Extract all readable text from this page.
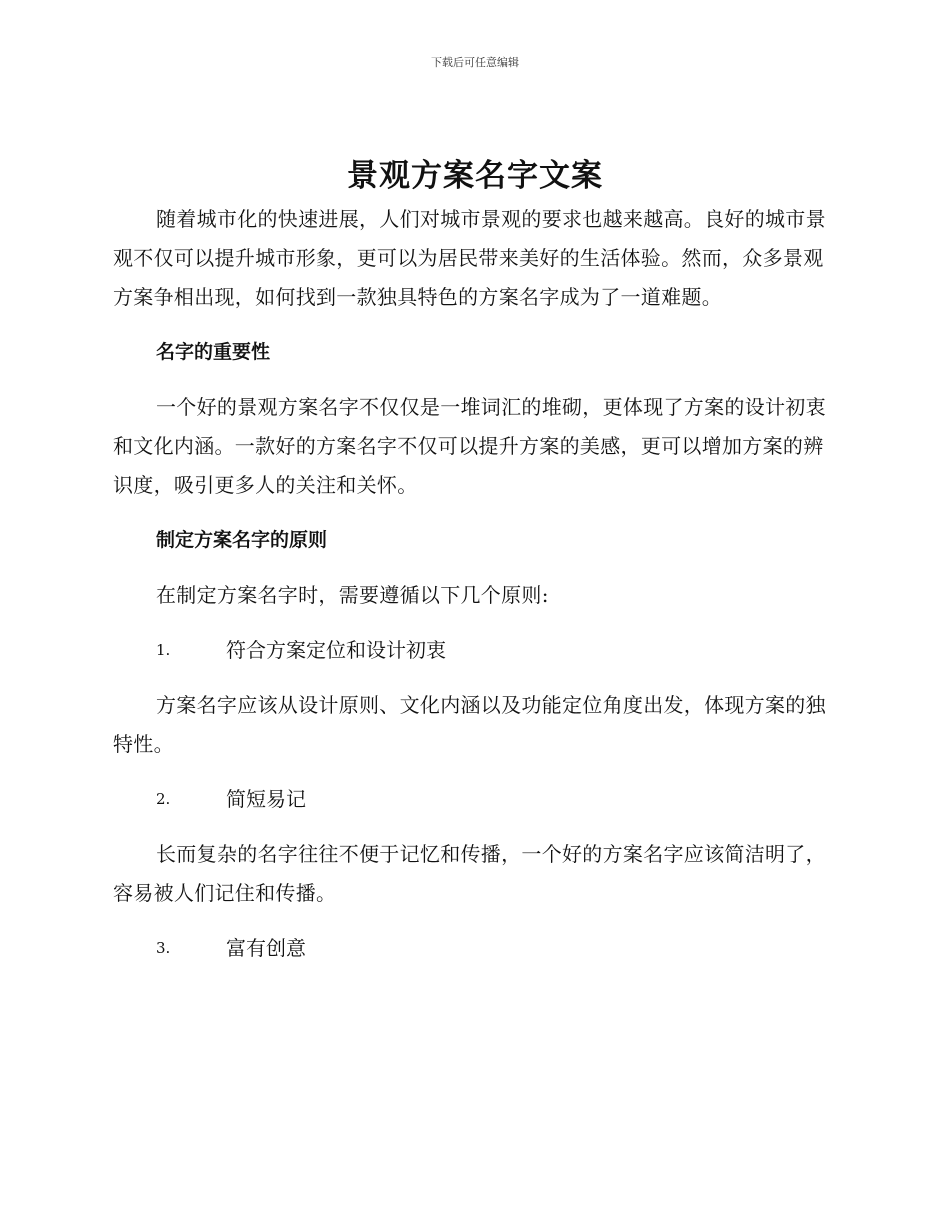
下载后可任意编辑
景观方案名字文案

随着城市化的快速进展，人们对城市景观的要求也越来越高。良好的城市景观不仅可以提升城市形象，更可以为居民带来美好的生活体验。然而，众多景观方案争相出现，如何找到一款独具特色的方案名字成为了一道难题。

名字的重要性

一个好的景观方案名字不仅仅是一堆词汇的堆砌，更体现了方案的设计初衷和文化内涵。一款好的方案名字不仅可以提升方案的美感，更可以增加方案的辨识度，吸引更多人的关注和关怀。

制定方案名字的原则

在制定方案名字时，需要遵循以下几个原则:

1.	符合方案定位和设计初衷

方案名字应该从设计原则、文化内涵以及功能定位角度出发，体现方案的独特性。

2.	简短易记

长而复杂的名字往往不便于记忆和传播，一个好的方案名字应该简洁明了，容易被人们记住和传播。

3.	富有创意
